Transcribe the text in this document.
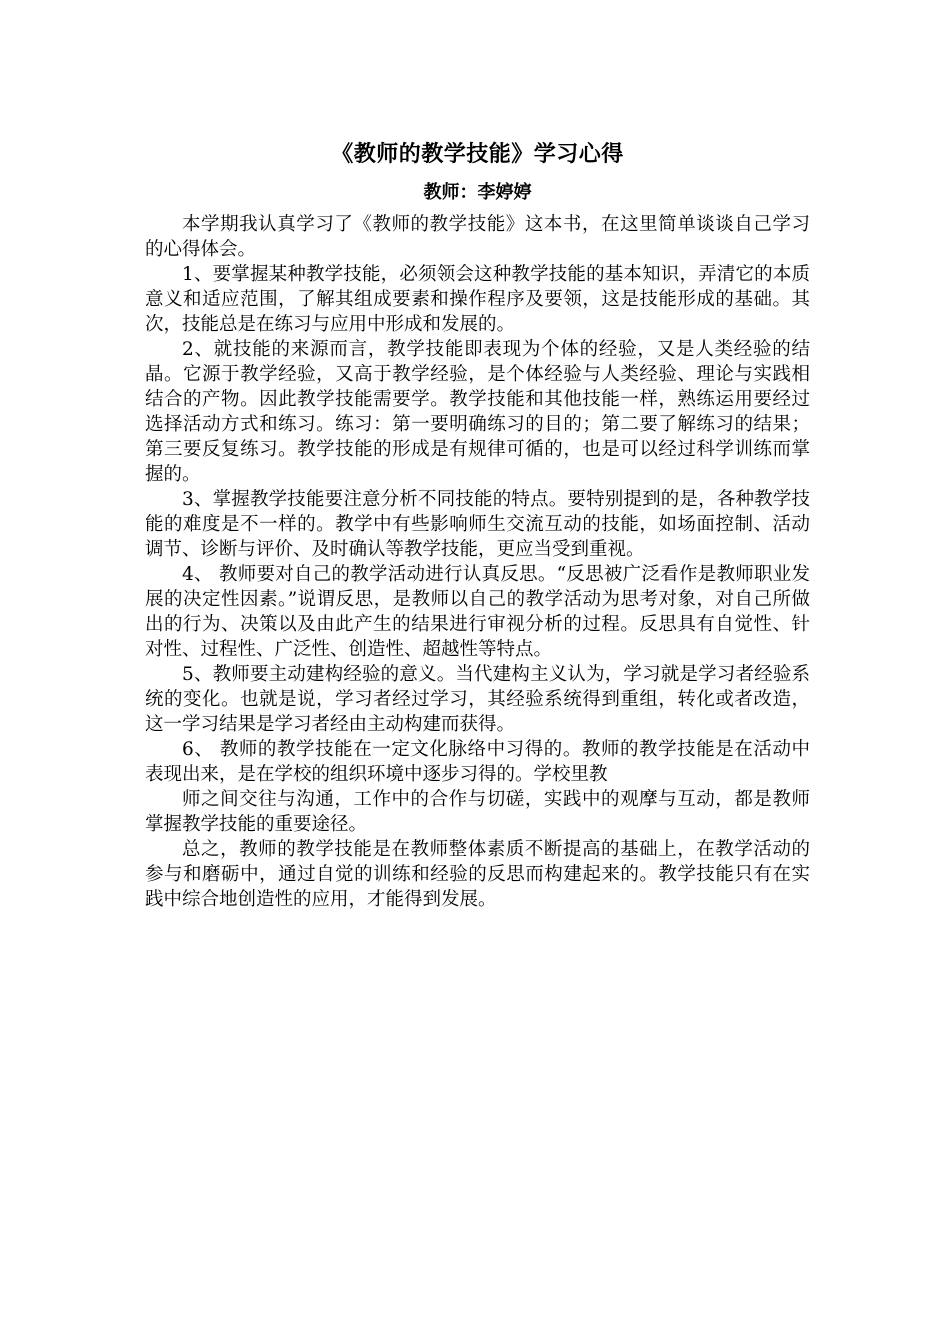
《教师的教学技能》学习心得
教师：李婷婷

本学期我认真学习了《教师的教学技能》这本书，在这里简单谈谈自己学习的心得体会。

1、要掌握某种教学技能，必须领会这种教学技能的基本知识，弄清它的本质意义和适应范围，了解其组成要素和操作程序及要领，这是技能形成的基础。其次，技能总是在练习与应用中形成和发展的。

2、就技能的来源而言，教学技能即表现为个体的经验，又是人类经验的结晶。它源于教学经验，又高于教学经验，是个体经验与人类经验、理论与实践相结合的产物。因此教学技能需要学。教学技能和其他技能一样，熟练运用要经过选择活动方式和练习。练习：第一要明确练习的目的；第二要了解练习的结果；第三要反复练习。教学技能的形成是有规律可循的，也是可以经过科学训练而掌握的。

3、掌握教学技能要注意分析不同技能的特点。要特别提到的是，各种教学技能的难度是不一样的。教学中有些影响师生交流互动的技能，如场面控制、活动调节、诊断与评价、及时确认等教学技能，更应当受到重视。

4、 教师要对自己的教学活动进行认真反思。“反思被广泛看作是教师职业发展的决定性因素。”说谓反思，是教师以自己的教学活动为思考对象，对自己所做出的行为、决策以及由此产生的结果进行审视分析的过程。反思具有自觉性、针对性、过程性、广泛性、创造性、超越性等特点。

5、教师要主动建构经验的意义。当代建构主义认为，学习就是学习者经验系统的变化。也就是说，学习者经过学习，其经验系统得到重组，转化或者改造，这一学习结果是学习者经由主动构建而获得。

6、 教师的教学技能在一定文化脉络中习得的。教师的教学技能是在活动中表现出来，是在学校的组织环境中逐步习得的。学校里教

师之间交往与沟通，工作中的合作与切磋，实践中的观摩与互动，都是教师掌握教学技能的重要途径。

总之，教师的教学技能是在教师整体素质不断提高的基础上，在教学活动的参与和磨砺中，通过自觉的训练和经验的反思而构建起来的。教学技能只有在实践中综合地创造性的应用，才能得到发展。
